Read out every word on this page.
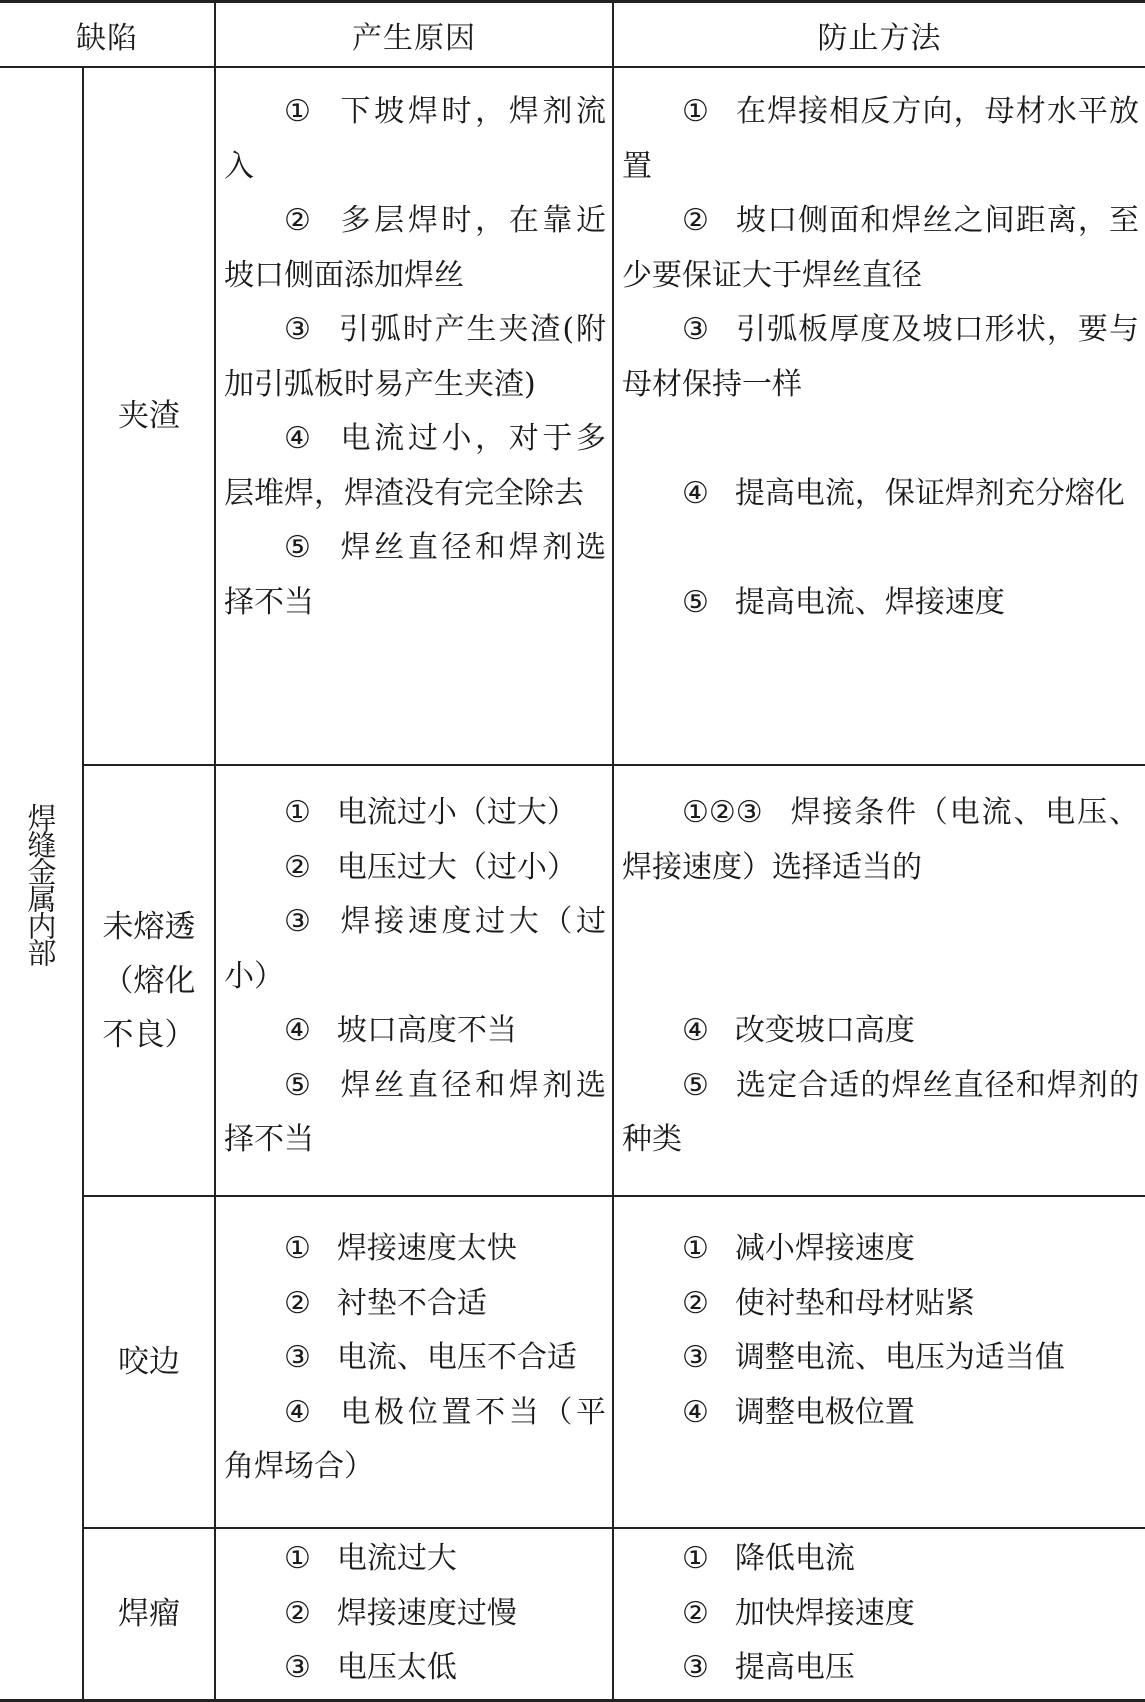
缺陷	产生原因	防止方法
焊缝金属内部
夹渣
① 下坡焊时，焊剂流入
② 多层焊时，在靠近坡口侧面添加焊丝
③ 引弧时产生夹渣(附加引弧板时易产生夹渣)
④ 电流过小，对于多层堆焊，焊渣没有完全除去
⑤ 焊丝直径和焊剂选择不当
① 在焊接相反方向，母材水平放置
② 坡口侧面和焊丝之间距离，至少要保证大于焊丝直径
③ 引弧板厚度及坡口形状，要与母材保持一样
④ 提高电流，保证焊剂充分熔化
⑤ 提高电流、焊接速度
未熔透（熔化不良）
① 电流过小（过大）
② 电压过大（过小）
③ 焊接速度过大（过小）
④ 坡口高度不当
⑤ 焊丝直径和焊剂选择不当
①②③ 焊接条件（电流、电压、焊接速度）选择适当的
④ 改变坡口高度
⑤ 选定合适的焊丝直径和焊剂的种类
咬边
① 焊接速度太快
② 衬垫不合适
③ 电流、电压不合适
④ 电极位置不当（平角焊场合）
① 减小焊接速度
② 使衬垫和母材贴紧
③ 调整电流、电压为适当值
④ 调整电极位置
焊瘤
① 电流过大
② 焊接速度过慢
③ 电压太低
① 降低电流
② 加快焊接速度
③ 提高电压
